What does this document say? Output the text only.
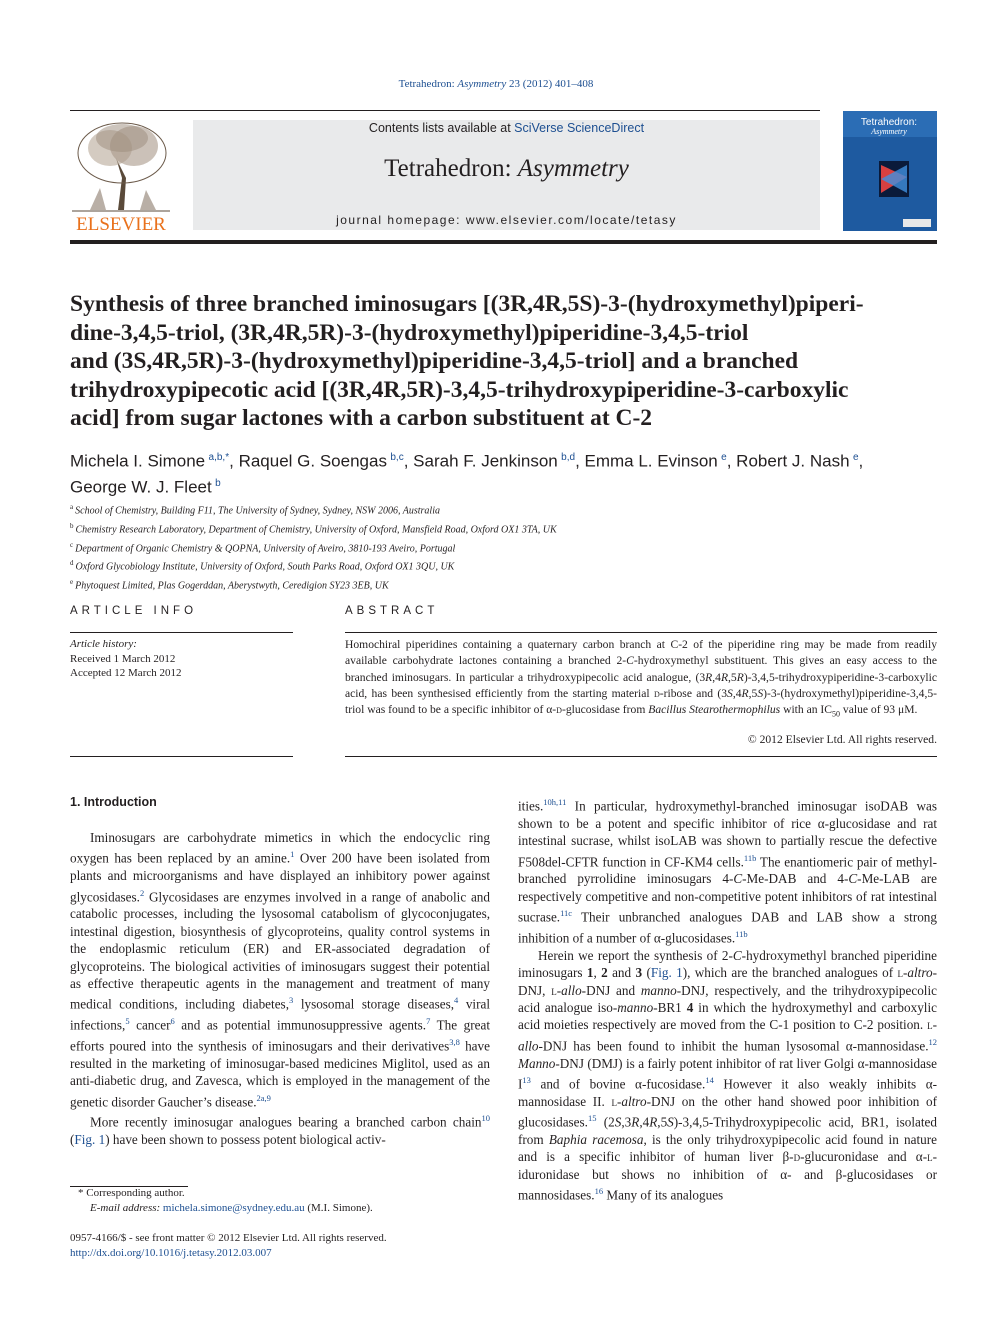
Tetrahedron: Asymmetry 23 (2012) 401–408
ELSEVIER
Contents lists available at SciVerse ScienceDirect
Tetrahedron: Asymmetry
journal homepage: www.elsevier.com/locate/tetasy
Tetrahedron:
Asymmetry
Synthesis of three branched iminosugars [(3R,4R,5S)-3-(hydroxymethyl)piperi-
dine-3,4,5-triol, (3R,4R,5R)-3-(hydroxymethyl)piperidine-3,4,5-triol
and (3S,4R,5R)-3-(hydroxymethyl)piperidine-3,4,5-triol] and a branched
trihydroxypipecotic acid [(3R,4R,5R)-3,4,5-trihydroxypiperidine-3-carboxylic
acid] from sugar lactones with a carbon substituent at C-2
Michela I. Simone  $^{a,b,*}$, Raquel G. Soengas  $^{b,c}$, Sarah F. Jenkinson  $^{b,d}$, Emma L. Evinson  $^e$, Robert J. Nash  $^e$,
George W. J. Fleet  $^b$
$^a$  School of Chemistry, Building F11, The University of Sydney, Sydney, NSW 2006, Australia
$^b$  Chemistry Research Laboratory, Department of Chemistry, University of Oxford, Mansfield Road, Oxford OX1 3TA, UK
$^c$  Department of Organic Chemistry & QOPNA, University of Aveiro, 3810-193 Aveiro, Portugal
$^d$  Oxford Glycobiology Institute, University of Oxford, South Parks Road, Oxford OX1 3QU, UK
$^e$  Phytoquest Limited, Plas Gogerddan, Aberystwyth, Ceredigion SY23 3EB, UK
ARTICLE INFO
Article history:
Received 1 March 2012
Accepted 12 March 2012
ABSTRACT
Homochiral piperidines containing a quaternary carbon branch at C-2 of the piperidine ring may be made from readily available carbohydrate lactones containing a branched 2-C-hydroxymethyl substituent. This gives an easy access to the branched iminosugars. In particular a trihydroxypipecolic acid analogue, (3R,4R,5R)-3,4,5-trihydroxypiperidine-3-carboxylic acid, has been synthesised efficiently from the starting material d-ribose and (3S,4R,5S)-3-(hydroxymethyl)piperidine-3,4,5-triol was found to be a specific inhibitor of α-d-glucosidase from Bacillus Stearothermophilus with an $IC_{50}$ value of 93 μM.
© 2012 Elsevier Ltd. All rights reserved.
1. Introduction

Iminosugars are carbohydrate mimetics in which the endocyclic ring oxygen has been replaced by an amine.$^1$ Over 200 have been isolated from plants and microorganisms and have displayed an inhibitory power against glycosidases.$^2$ Glycosidases are enzymes involved in a range of anabolic and catabolic processes, including the lysosomal catabolism of glycoconjugates, intestinal digestion, biosynthesis of glycoproteins, quality control systems in the endoplasmic reticulum (ER) and ER-associated degradation of glycoproteins. The biological activities of iminosugars suggest their potential as effective therapeutic agents in the management and treatment of many medical conditions, including diabetes,$^3$ lysosomal storage diseases,$^4$ viral infections,$^5$ cancer$^6$ and as potential immunosuppressive agents.$^7$ The great efforts poured into the synthesis of iminosugars and their derivatives$^{3,8}$ have resulted in the marketing of iminosugar-based medicines Miglitol, used as an anti-diabetic drug, and Zavesca, which is employed in the management of the genetic disorder Gaucher’s disease.$^{2a,9}$

More recently iminosugar analogues bearing a branched carbon chain$^{10}$ (Fig. 1) have been shown to possess potent biological activ-

ities.$^{10h,11}$ In particular, hydroxymethyl-branched iminosugar isoDAB was shown to be a potent and specific inhibitor of rice α-glucosidase and rat intestinal sucrase, whilst isoLAB was shown to partially rescue the defective F508del-CFTR function in CF-KM4 cells.$^{11b}$ The enantiomeric pair of methyl-branched pyrrolidine iminosugars 4-C-Me-DAB and 4-C-Me-LAB are respectively competitive and non-competitive potent inhibitors of rat intestinal sucrase.$^{11c}$ Their unbranched analogues DAB and LAB show a strong inhibition of a number of α-glucosidases.$^{11b}$

Herein we report the synthesis of 2-C-hydroxymethyl branched piperidine iminosugars 1, 2 and 3 (Fig. 1), which are the branched analogues of l-altro-DNJ, l-allo-DNJ and manno-DNJ, respectively, and the trihydroxypipecolic acid analogue iso-manno-BR1 4 in which the hydroxymethyl and carboxylic acid moieties respectively are moved from the C-1 position to C-2 position. l-allo-DNJ has been found to inhibit the human lysosomal α-mannosidase.$^{12}$ Manno-DNJ (DMJ) is a fairly potent inhibitor of rat liver Golgi α-mannosidase $I^{13}$ and of bovine α-fucosidase.$^{14}$ However it also weakly inhibits α-mannosidase II. l-altro-DNJ on the other hand showed poor inhibition of glucosidases.$^{15}$ (2S,3R,4R,5S)-3,4,5-Trihydroxypipecolic acid, BR1, isolated from Baphia racemosa, is the only trihydroxypipecolic acid found in nature and is a specific inhibitor of human liver β-d-glucuronidase and α-l-iduronidase but shows no inhibition of α- and β-glucosidases or mannosidases.$^{16}$ Many of its analogues

* Corresponding author.
E-mail address: michela.simone@sydney.edu.au (M.I. Simone).
0957-4166/$ - see front matter © 2012 Elsevier Ltd. All rights reserved.
http://dx.doi.org/10.1016/j.tetasy.2012.03.007
